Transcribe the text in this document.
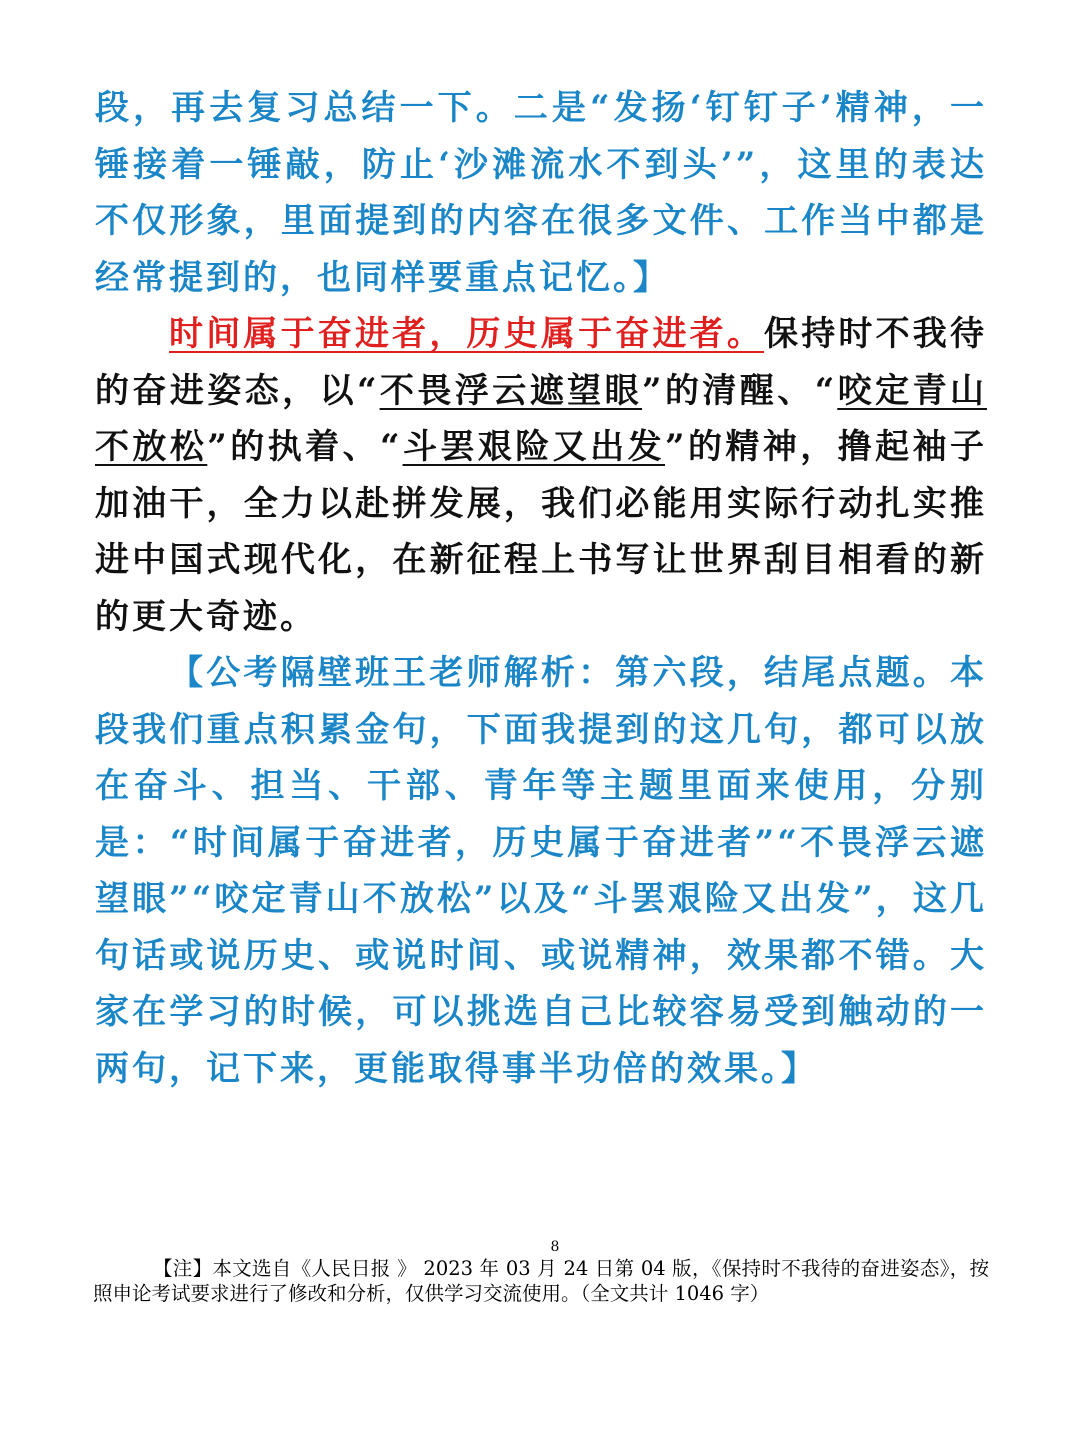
段，再去复习总结一下。二是“发扬‘钉钉子’精神，一锤接着一锤敲，防止‘沙滩流水不到头’”，这里的表达不仅形象，里面提到的内容在很多文件、工作当中都是经常提到的，也同样要重点记忆。】

时间属于奋进者，历史属于奋进者。保持时不我待的奋进姿态，以“不畏浮云遮望眼”的清醒、“咬定青山不放松”的执着、“斗罢艰险又出发”的精神，撸起袖子加油干，全力以赴拼发展，我们必能用实际行动扎实推进中国式现代化，在新征程上书写让世界刮目相看的新的更大奇迹。

【公考隔壁班王老师解析：第六段，结尾点题。本段我们重点积累金句，下面我提到的这几句，都可以放在奋斗、担当、干部、青年等主题里面来使用，分别是：“时间属于奋进者，历史属于奋进者”“不畏浮云遮望眼”“咬定青山不放松”以及“斗罢艰险又出发”，这几句话或说历史、或说时间、或说精神，效果都不错。大家在学习的时候，可以挑选自己比较容易受到触动的一两句，记下来，更能取得事半功倍的效果。】

8
【注】本文选自《人民日报 》 2023 年 03 月 24 日第 04 版，《保持时不我待的奋进姿态》，按照申论考试要求进行了修改和分析，仅供学习交流使用。（全文共计 1046 字）
